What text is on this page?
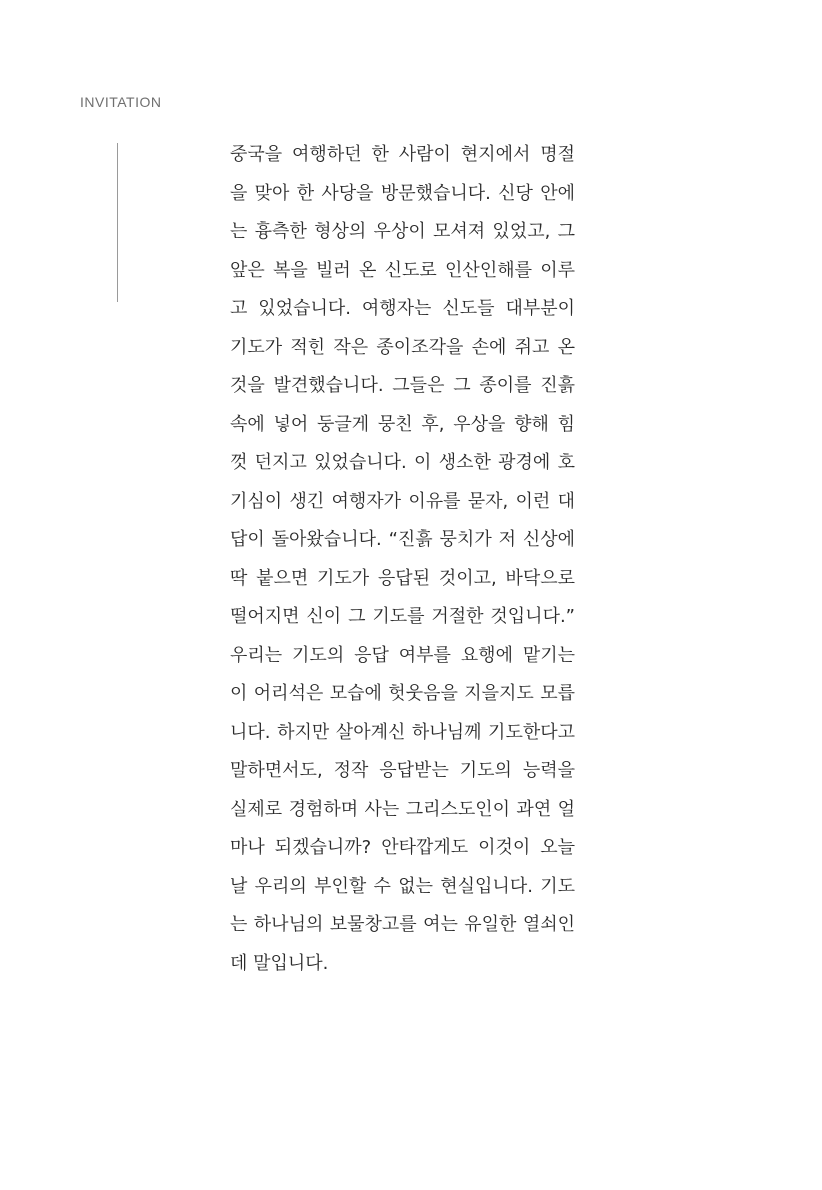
INVITATION
중국을 여행하던 한 사람이 현지에서 명절
을 맞아 한 사당을 방문했습니다. 신당 안에
는 흉측한 형상의 우상이 모셔져 있었고, 그
앞은 복을 빌러 온 신도로 인산인해를 이루
고 있었습니다. 여행자는 신도들 대부분이
기도가 적힌 작은 종이조각을 손에 쥐고 온
것을 발견했습니다. 그들은 그 종이를 진흙
속에 넣어 둥글게 뭉친 후, 우상을 향해 힘
껏 던지고 있었습니다. 이 생소한 광경에 호
기심이 생긴 여행자가 이유를 묻자, 이런 대
답이 돌아왔습니다. “진흙 뭉치가 저 신상에
딱 붙으면 기도가 응답된 것이고, 바닥으로
떨어지면 신이 그 기도를 거절한 것입니다.”
우리는 기도의 응답 여부를 요행에 맡기는
이 어리석은 모습에 헛웃음을 지을지도 모릅
니다. 하지만 살아계신 하나님께 기도한다고
말하면서도, 정작 응답받는 기도의 능력을
실제로 경험하며 사는 그리스도인이 과연 얼
마나 되겠습니까? 안타깝게도 이것이 오늘
날 우리의 부인할 수 없는 현실입니다. 기도
는 하나님의 보물창고를 여는 유일한 열쇠인
데 말입니다.
